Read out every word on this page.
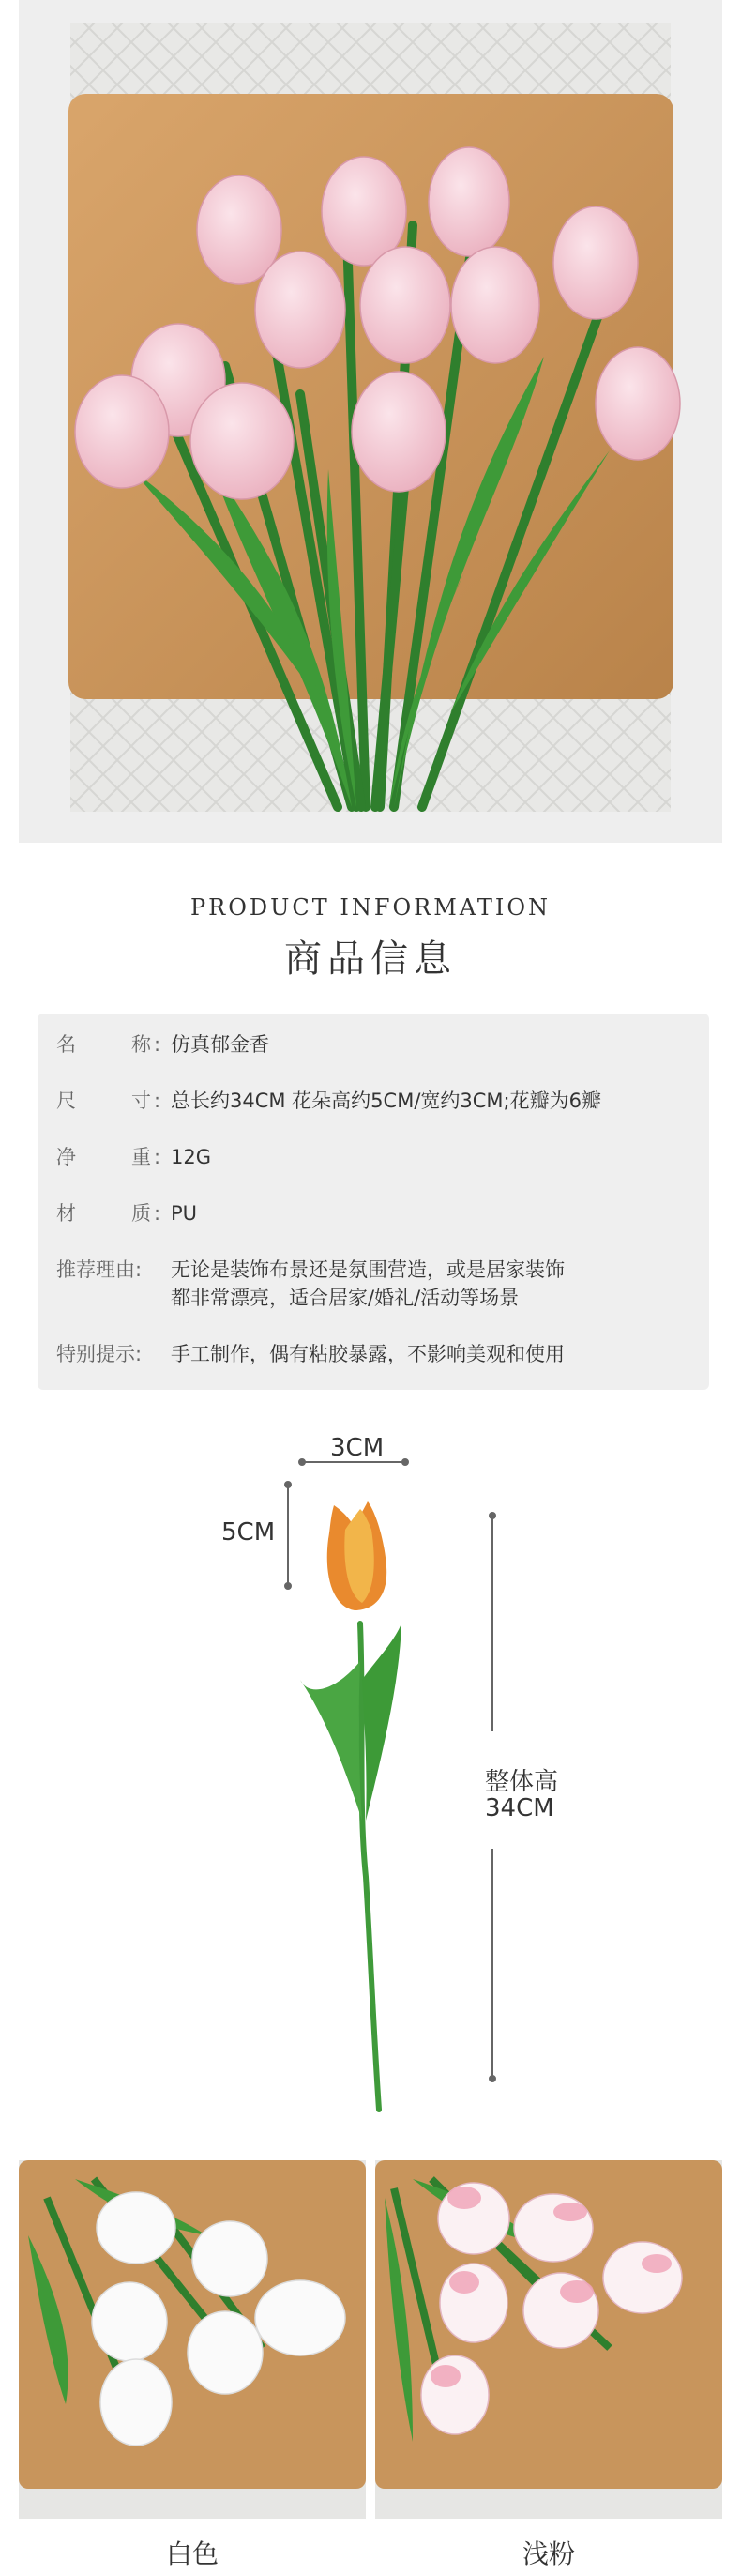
PRODUCT INFORMATION
商品信息
名	称 : 仿真郁金香
尺	寸 : 总长约34CM 花朵高约5CM/宽约3CM;花瓣为6瓣
净	重 : 12G
材	质 : PU
推荐理由:	无论是装饰布景还是氛围营造，或是居家装饰
都非常漂亮，适合居家/婚礼/活动等场景
特别提示:	手工制作，偶有粘胶暴露，不影响美观和使用
3CM
5CM
整体高
34CM
白色	浅粉
